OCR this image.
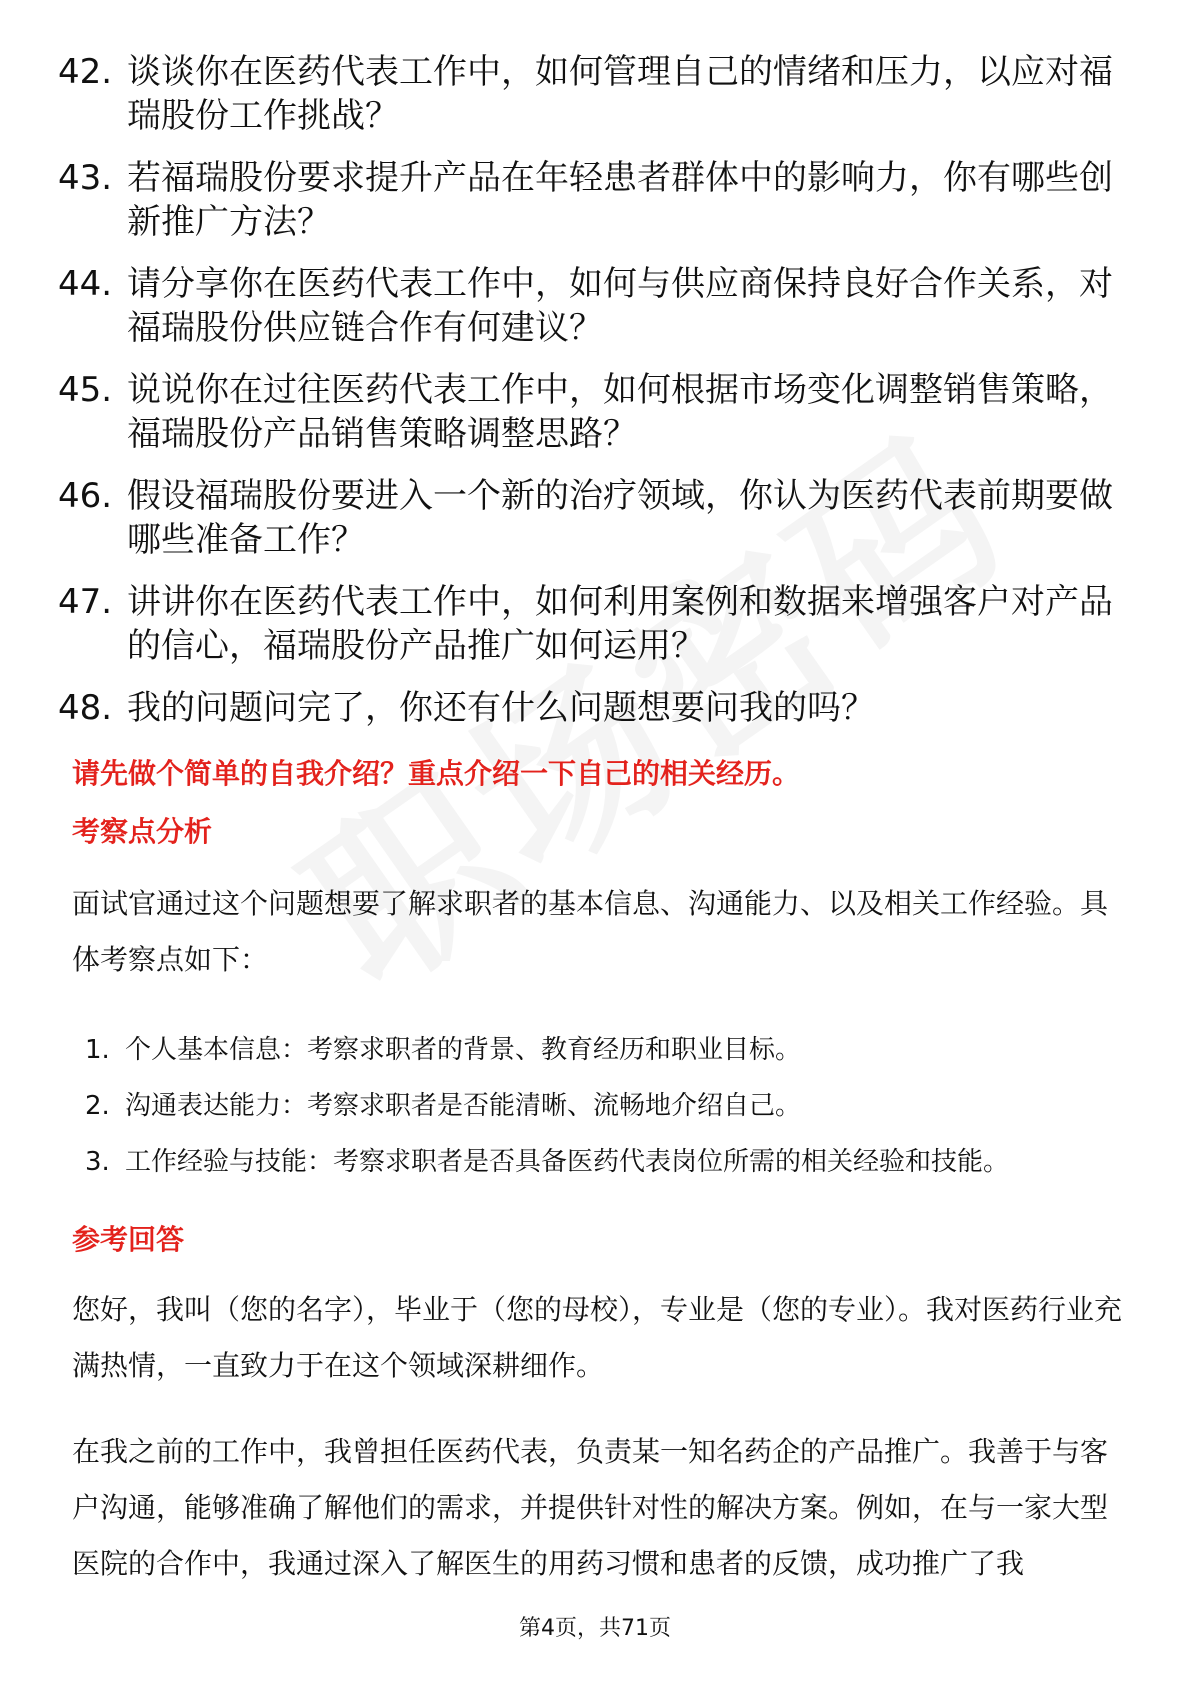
42. 谈谈你在医药代表工作中，如何管理自己的情绪和压力，以应对福瑞股份工作挑战？
43. 若福瑞股份要求提升产品在年轻患者群体中的影响力，你有哪些创新推广方法？
44. 请分享你在医药代表工作中，如何与供应商保持良好合作关系，对福瑞股份供应链合作有何建议？
45. 说说你在过往医药代表工作中，如何根据市场变化调整销售策略，福瑞股份产品销售策略调整思路？
46. 假设福瑞股份要进入一个新的治疗领域，你认为医药代表前期要做哪些准备工作？
47. 讲讲你在医药代表工作中，如何利用案例和数据来增强客户对产品的信心，福瑞股份产品推广如何运用？
48. 我的问题问完了，你还有什么问题想要问我的吗？
请先做个简单的自我介绍？重点介绍一下自己的相关经历。
考察点分析

面试官通过这个问题想要了解求职者的基本信息、沟通能力、以及相关工作经验。具体考察点如下：

1. 个人基本信息：考察求职者的背景、教育经历和职业目标。
2. 沟通表达能力：考察求职者是否能清晰、流畅地介绍自己。
3. 工作经验与技能：考察求职者是否具备医药代表岗位所需的相关经验和技能。
参考回答

您好，我叫（您的名字），毕业于（您的母校），专业是（您的专业）。我对医药行业充满热情，一直致力于在这个领域深耕细作。

在我之前的工作中，我曾担任医药代表，负责某一知名药企的产品推广。我善于与客户沟通，能够准确了解他们的需求，并提供针对性的解决方案。例如，在与一家大型医院的合作中，我通过深入了解医生的用药习惯和患者的反馈，成功推广了我

第4页，共71页
